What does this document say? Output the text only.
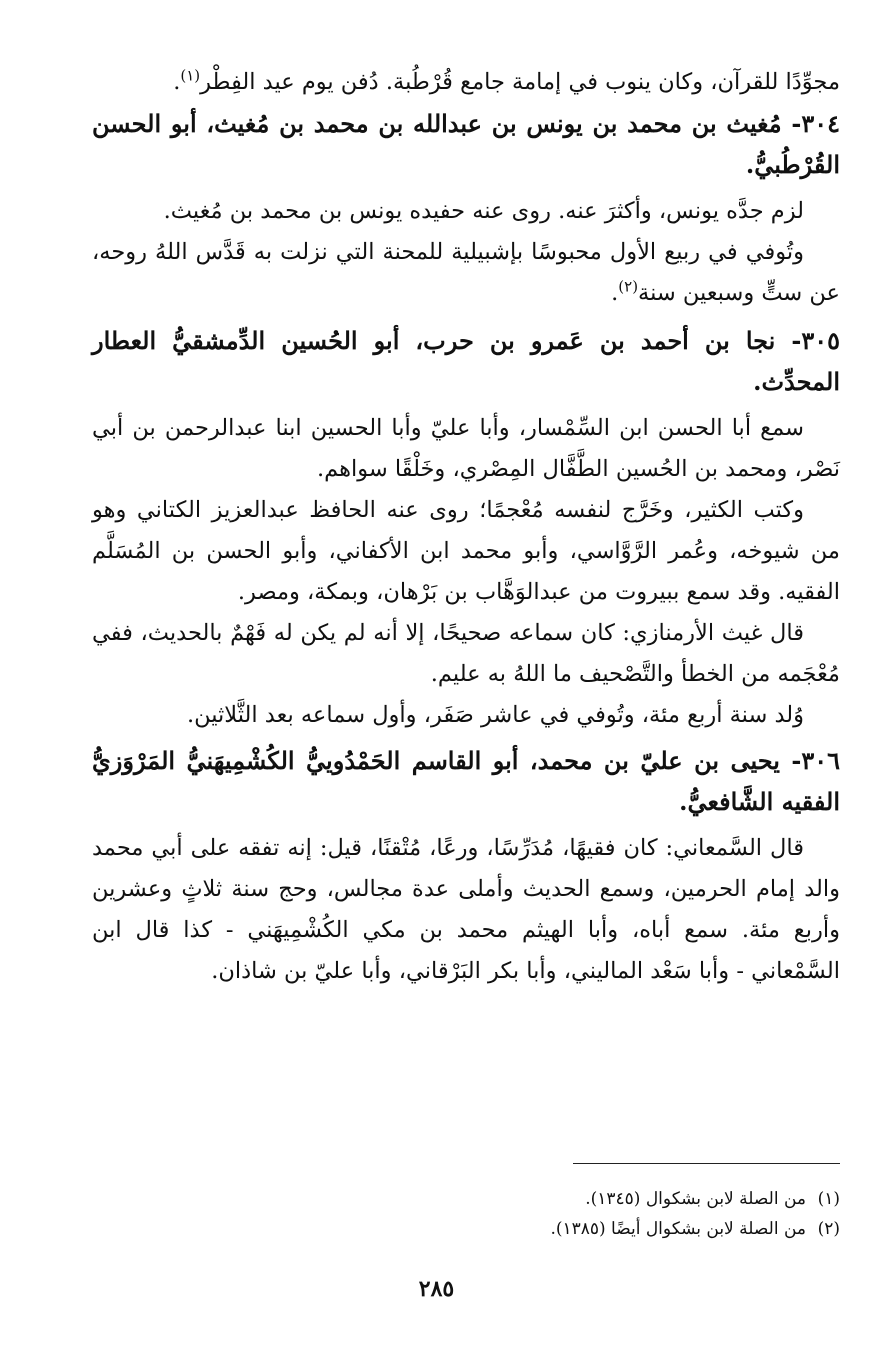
مجوِّدًا للقرآن، وكان ينوب في إمامة جامع قُرْطُبة. دُفن يوم عيد الفِطْر$^{(١)}$.

٣٠٤- مُغيث بن محمد بن يونس بن عبدالله بن محمد بن مُغيث، أبو الحسن القُرْطُبيُّ.

لزم جدَّه يونس، وأكثرَ عنه. روى عنه حفيده يونس بن محمد بن مُغيث.

وتُوفي في ربيع الأول محبوسًا بإشبيلية للمحنة التي نزلت به قَدَّس اللهُ روحه، عن ستٍّ وسبعين سنة$^{(٢)}$.

٣٠٥- نجا بن أحمد بن عَمرو بن حرب، أبو الحُسين الدِّمشقيُّ العطار المحدِّث.

سمع أبا الحسن ابن السِّمْسار، وأبا عليّ وأبا الحسين ابنا عبدالرحمن بن أبي نَصْر، ومحمد بن الحُسين الطَّفَّال المِصْري، وخَلْقًا سواهم.

وكتب الكثير، وخَرَّج لنفسه مُعْجمًا؛ روى عنه الحافظ عبدالعزيز الكتاني وهو من شيوخه، وعُمر الرَّوَّاسي، وأبو محمد ابن الأكفاني، وأبو الحسن بن المُسَلَّم الفقيه. وقد سمع ببيروت من عبدالوَهَّاب بن بَرْهان، وبمكة، ومصر.

قال غيث الأرمنازي: كان سماعه صحيحًا، إلا أنه لم يكن له فَهْمٌ بالحديث، ففي مُعْجَمه من الخطأ والتَّصْحيف ما اللهُ به عليم.

وُلد سنة أربع مئة، وتُوفي في عاشر صَفَر، وأول سماعه بعد الثَّلاثين.

٣٠٦- يحيى بن عليّ بن محمد، أبو القاسم الحَمْدُوييُّ الكُشْمِيهَنيُّ المَرْوَزيُّ الفقيه الشَّافعيُّ.

قال السَّمعاني: كان فقيهًا، مُدَرِّسًا، ورعًا، مُتْقنًا، قيل: إنه تفقه على أبي محمد والد إمام الحرمين، وسمع الحديث وأملى عدة مجالس، وحج سنة ثلاثٍ وعشرين وأربع مئة. سمع أباه، وأبا الهيثم محمد بن مكي الكُشْمِيهَني - كذا قال ابن السَّمْعاني - وأبا سَعْد الماليني، وأبا بكر البَرْقاني، وأبا عليّ بن شاذان.

(١)من الصلة لابن بشكوال (١٣٤٥).

(٢)من الصلة لابن بشكوال أيضًا (١٣٨٥).

٢٨٥
